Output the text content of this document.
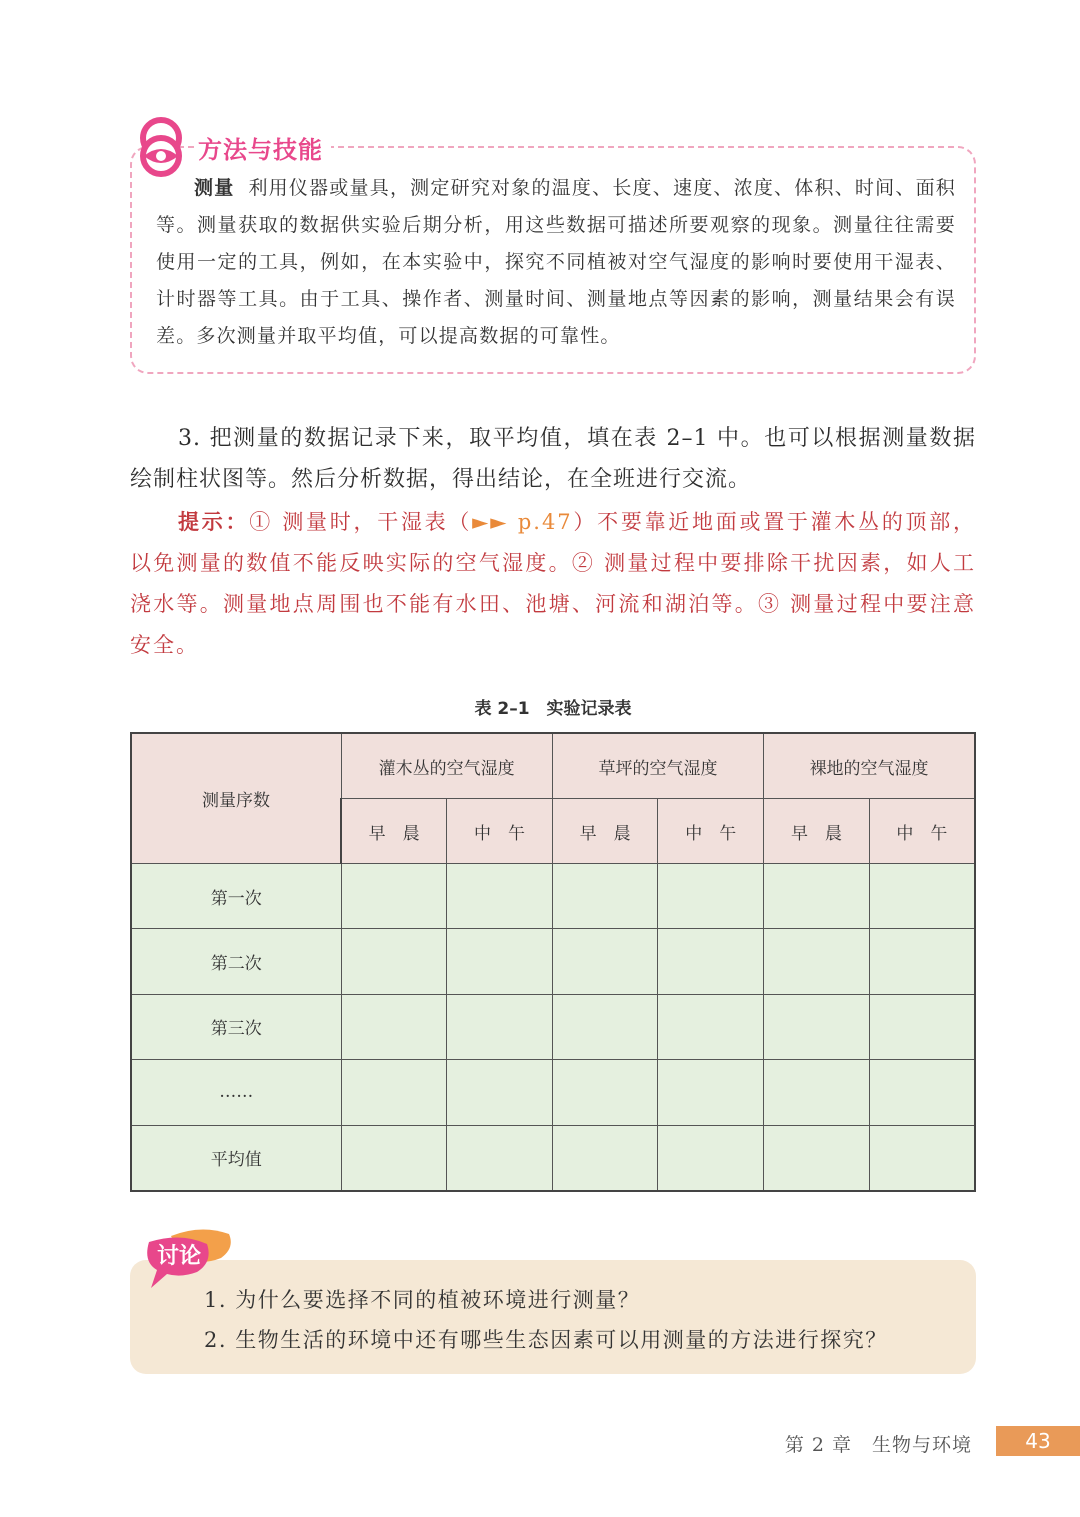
方法与技能
测量 利用仪器或量具，测定研究对象的温度、长度、速度、浓度、体积、时间、面积等。测量获取的数据供实验后期分析，用这些数据可描述所要观察的现象。测量往往需要使用一定的工具，例如，在本实验中，探究不同植被对空气湿度的影响时要使用干湿表、计时器等工具。由于工具、操作者、测量时间、测量地点等因素的影响，测量结果会有误差。多次测量并取平均值，可以提高数据的可靠性。
3. 把测量的数据记录下来，取平均值，填在表 2–1 中。也可以根据测量数据绘制柱状图等。然后分析数据，得出结论，在全班进行交流。
提示：① 测量时，干湿表（►► p.47）不要靠近地面或置于灌木丛的顶部，以免测量的数值不能反映实际的空气湿度。② 测量过程中要排除干扰因素，如人工浇水等。测量地点周围也不能有水田、池塘、河流和湖泊等。③ 测量过程中要注意安全。
表 2–1　实验记录表
测量序数	灌木丛的空气湿度		草坪的空气湿度		裸地的空气湿度	
	早　晨	中　午	早　晨	中　午	早　晨	中　午
第一次						
第二次						
第三次						
……						
平均值						
讨论
1. 为什么要选择不同的植被环境进行测量？
2. 生物生活的环境中还有哪些生态因素可以用测量的方法进行探究？
第 2 章　生物与环境	43
